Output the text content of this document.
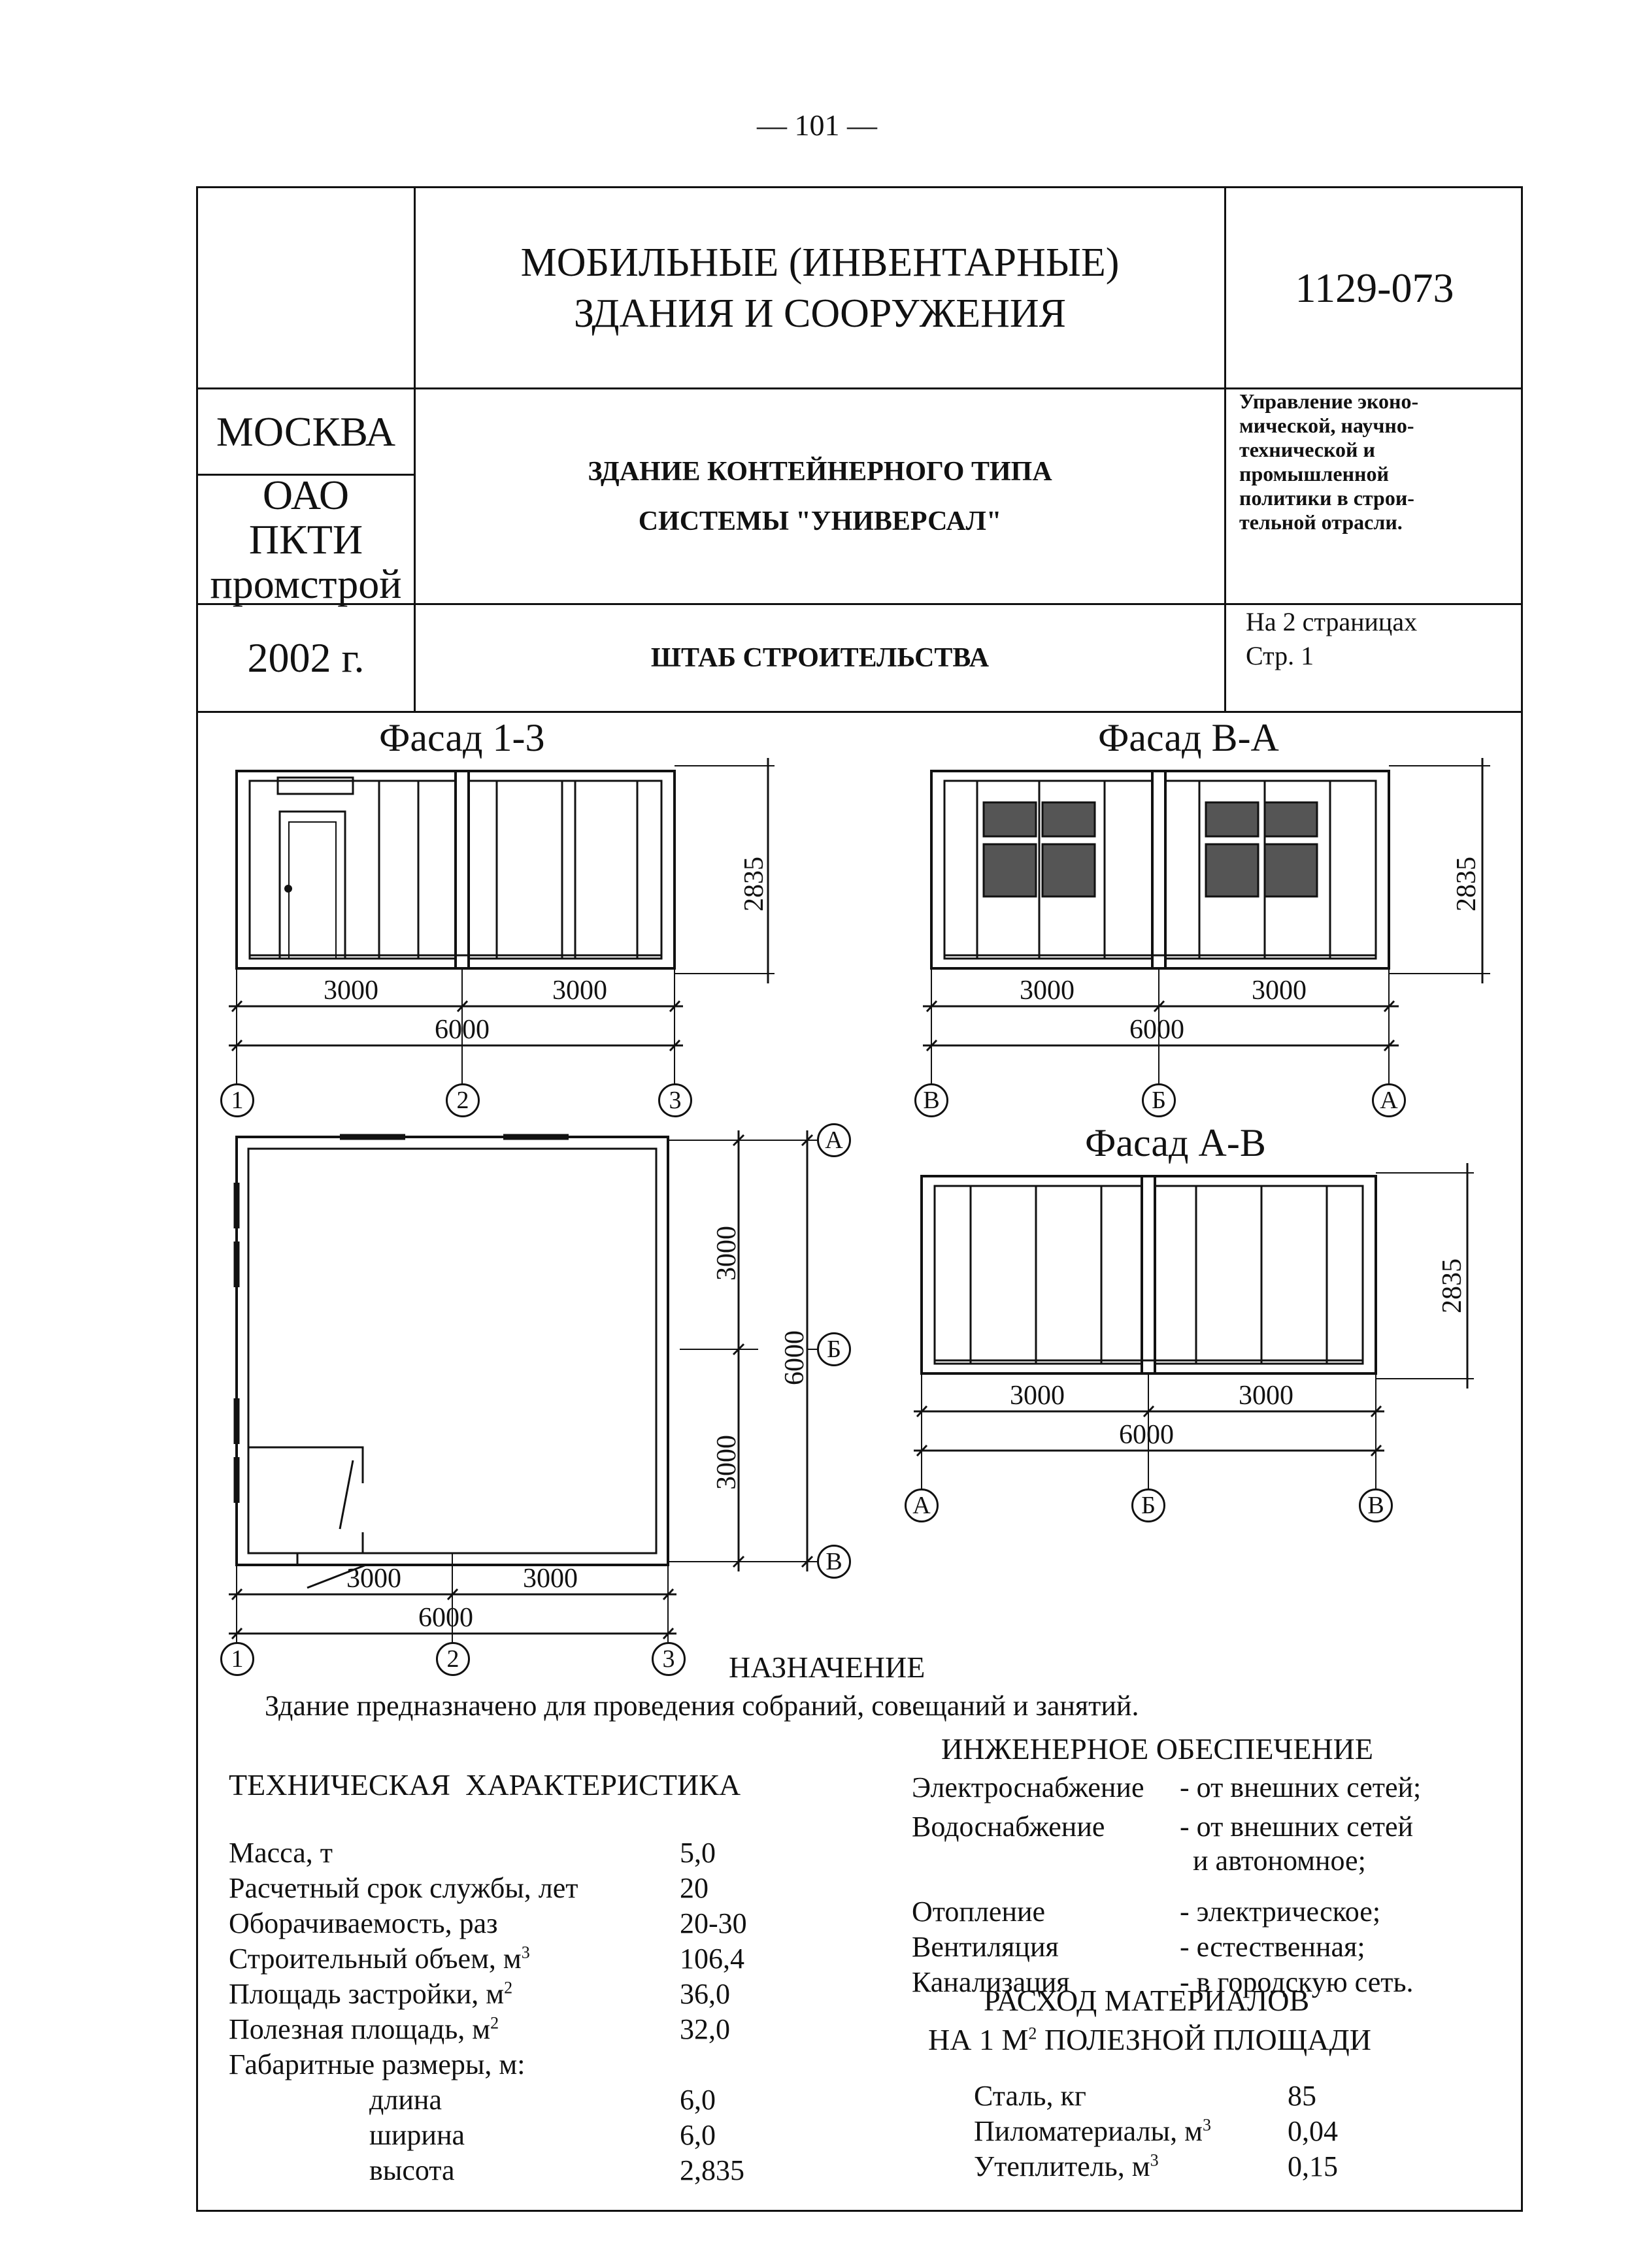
— 101 —
МОБИЛЬНЫЕ (ИНВЕНТАРНЫЕ)
ЗДАНИЯ И СООРУЖЕНИЯ
1129-073
МОСКВА
ОАО
ПКТИ
промстрой
ЗДАНИЕ КОНТЕЙНЕРНОГО ТИПА
СИСТЕМЫ "УНИВЕРСАЛ"
Управление эконо-
мической, научно-
технической и
промышленной
политики в строи-
тельной отрасли.
2002 г.	ШТАБ СТРОИТЕЛЬСТВА
На 2 страницах
Стр. 1
Фасад 1-3	Фасад В-А
Фасад А-В
3000	3000
6000
2835
1	2	3
3000	3000
6000
2835
В	Б	А
3000	3000
6000
2835
А	Б	В
3000
3000
6000
А
Б
В
3000	3000
6000
1	2	3	НАЗНАЧЕНИЕ
Здание предназначено для проведения собраний, совещаний и занятий.
ТЕХНИЧЕСКАЯ  ХАРАКТЕРИСТИКА
Масса, т	5,0
Расчетный срок службы, лет	20
Оборачиваемость, раз	20-30
Строительный объем, $м^3$	106,4
Площадь застройки, $м^2$	36,0
Полезная площадь, $м^2$	32,0
Габаритные размеры, м:
длина	6,0
ширина	6,0
высота	2,835
ИНЖЕНЕРНОЕ ОБЕСПЕЧЕНИЕ
Электроснабжение - от внешних сетей;
Водоснабжение	- от внешних сетей
и автономное;
Отопление	- электрическое;
Вентиляция	- естественная;
Канализация	- в городскую сеть.
РАСХОД МАТЕРИАЛОВ
НА 1 $М^2$ ПОЛЕЗНОЙ ПЛОЩАДИ
Сталь, кг	85
Пиломатериалы, $м^3$	0,04
Утеплитель, $м^3$	0,15
